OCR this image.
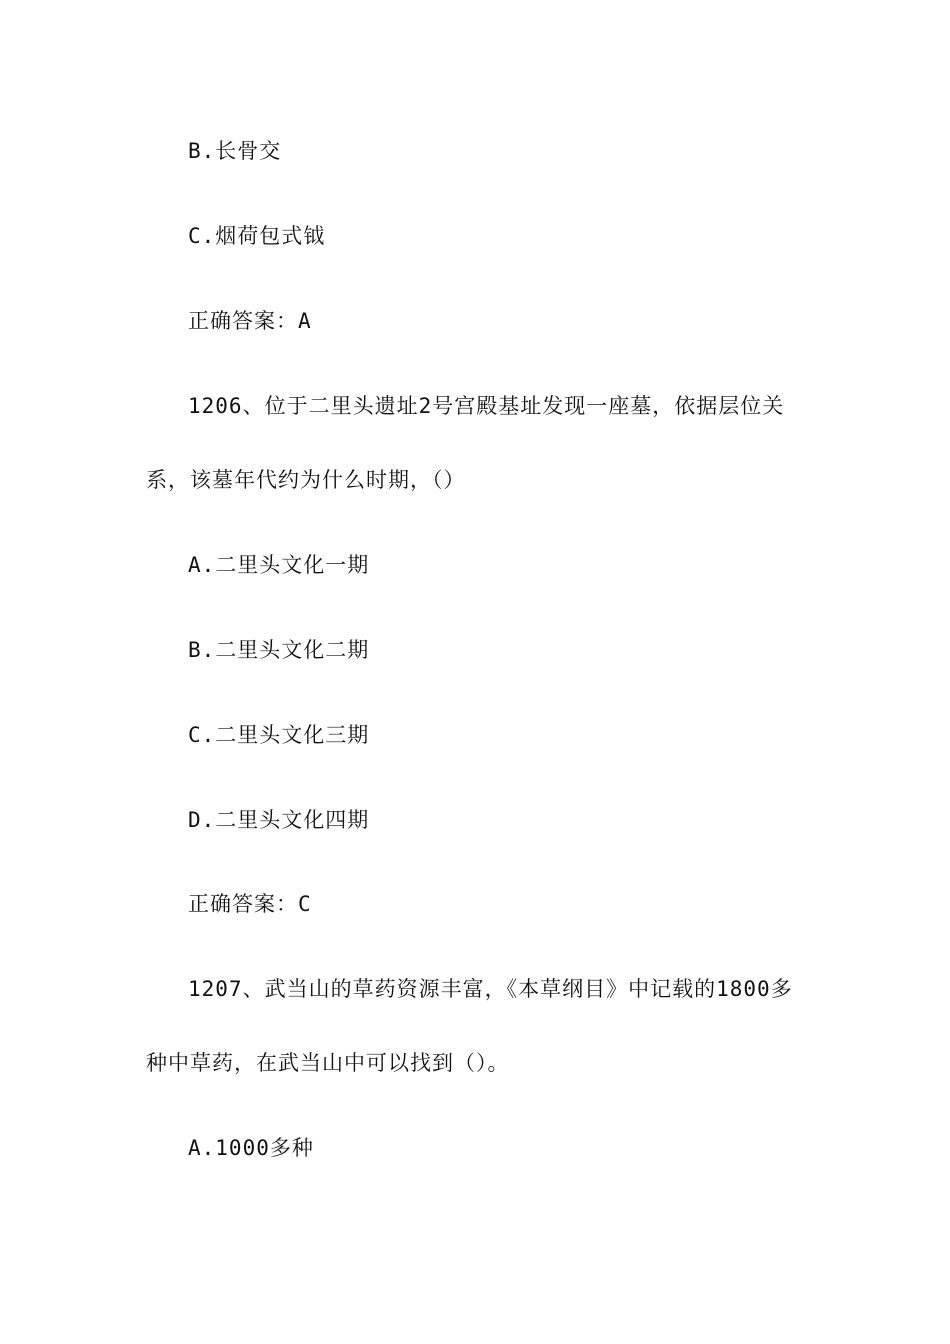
B.长骨交
C.烟荷包式钺
正确答案：A
1206、位于二里头遗址2号宫殿基址发现一座墓，依据层位关
系，该墓年代约为什么时期，（）
A.二里头文化一期
B.二里头文化二期
C.二里头文化三期
D.二里头文化四期
正确答案：C
1207、武当山的草药资源丰富，《本草纲目》中记载的1800多
种中草药，在武当山中可以找到（）。
A.1000多种
